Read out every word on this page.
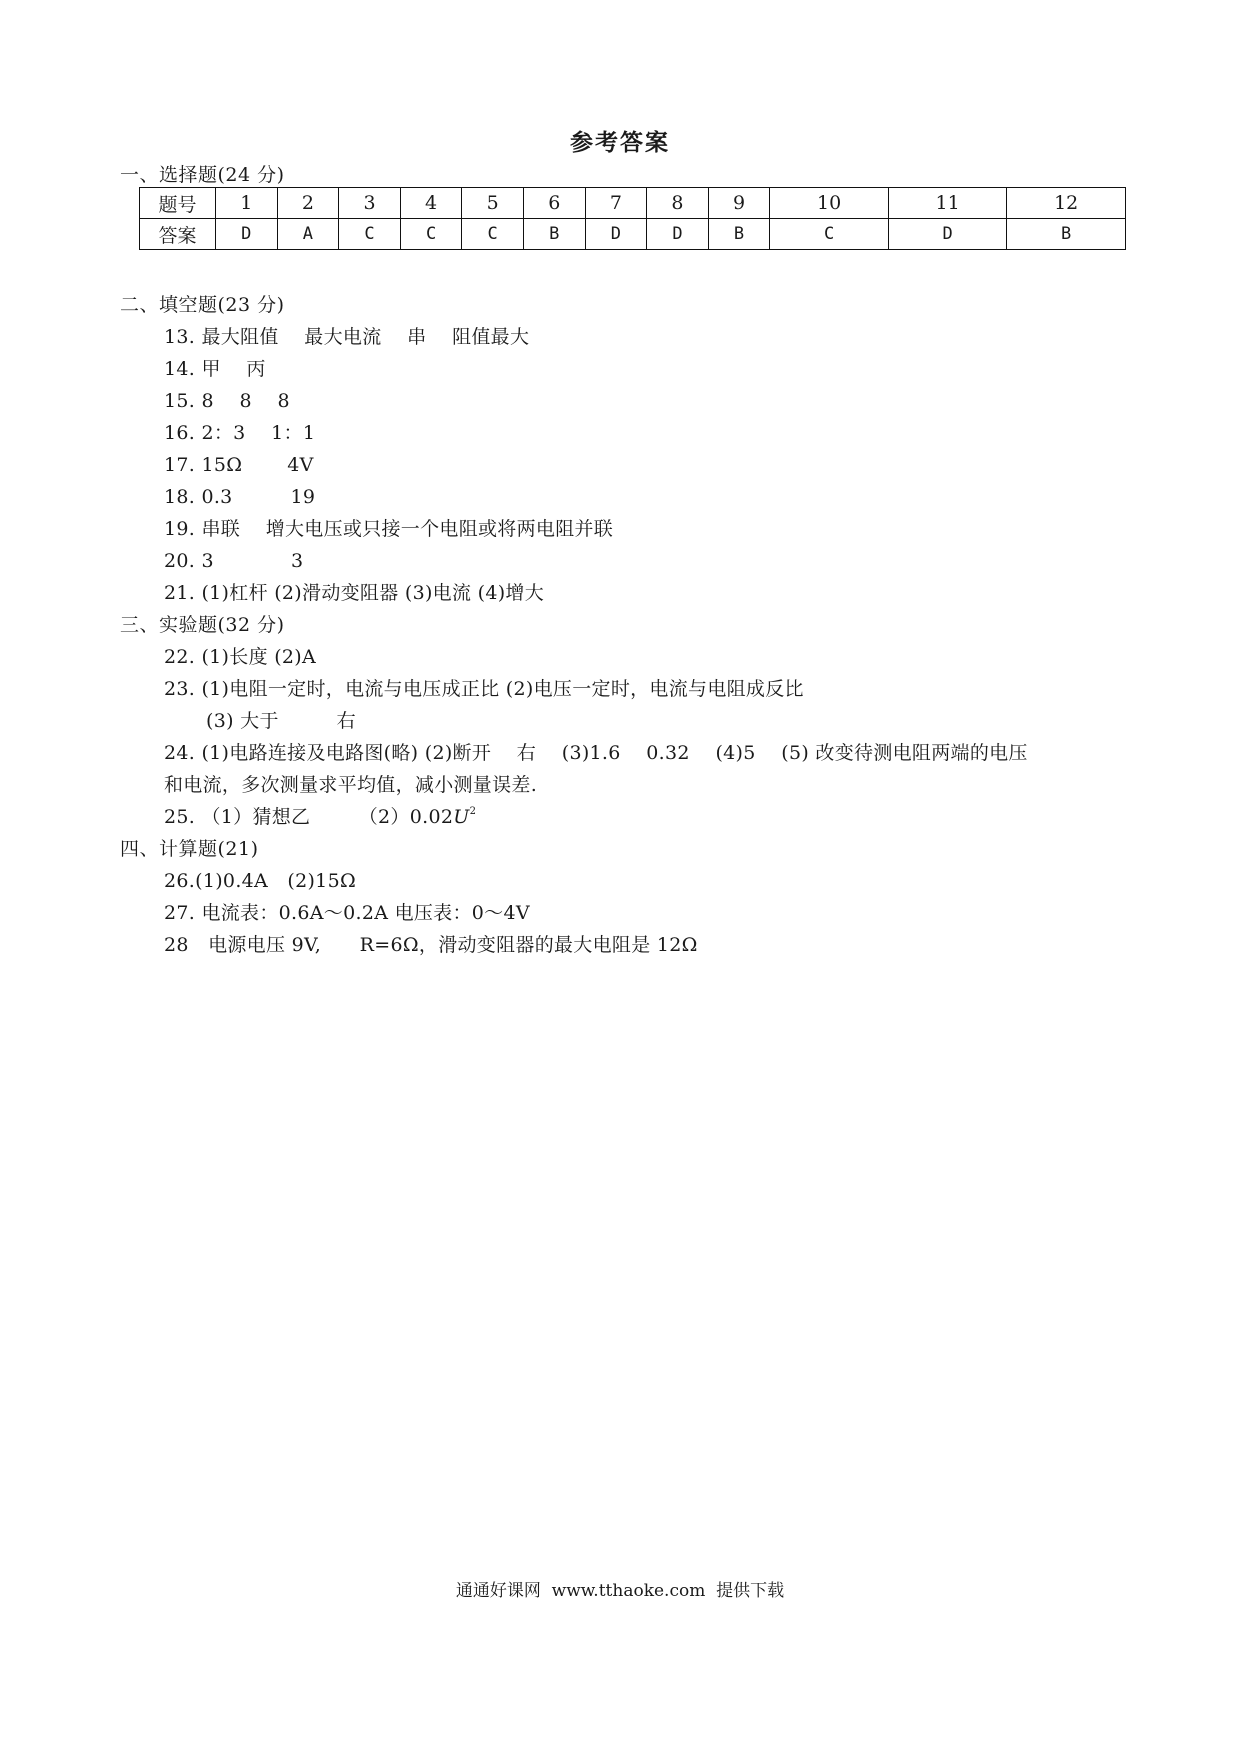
参考答案
一、选择题(24 分)
题号	1	2	3	4	5	6	7	8	9	10	11	12
答案	D	A	C	C	C	B	D	D	B	C	D	B
二、填空题(23 分)
13. 最大阻值　 最大电流　 串　 阻值最大
14. 甲　 丙
15. 8　 8　 8
16. 2：3　 1：1
17. 15Ω　　 4V
18. 0.3　　　19
19. 串联　 增大电压或只接一个电阻或将两电阻并联
20. 3　　　　3
21. (1)杠杆 (2)滑动变阻器 (3)电流 (4)增大
三、实验题(32 分)
22. (1)长度 (2)A
23. (1)电阻一定时，电流与电压成正比 (2)电压一定时，电流与电阻成反比
(3) 大于　　　右
24. (1)电路连接及电路图(略) (2)断开　 右　 (3)1.6　 0.32　 (4)5　 (5) 改变待测电阻两端的电压
和电流，多次测量求平均值，减小测量误差.
25. （1）猜想乙　　　$(2)0.02U^2$
四、计算题(21)
26.(1)0.4A　(2)15Ω
27. 电流表：0.6A～0.2A 电压表：0～4V
28　电源电压 9V,　　R=6Ω，滑动变阻器的最大电阻是 12Ω
通通好课网  www.tthaoke.com  提供下载
